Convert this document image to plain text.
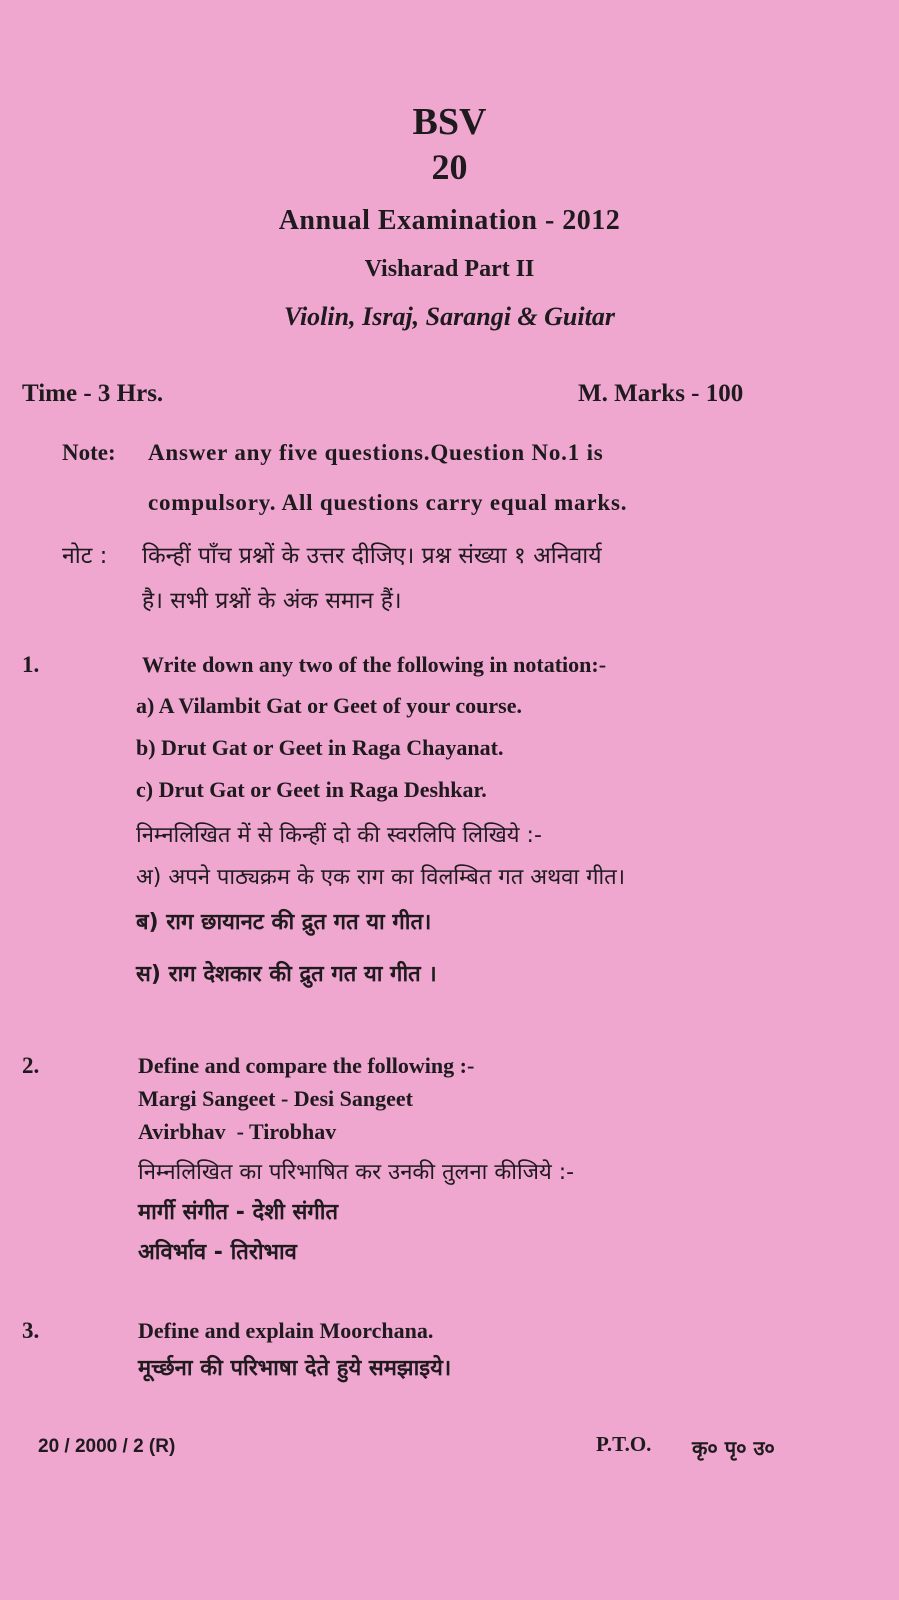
BSV
20
Annual Examination - 2012
Visharad Part II
Violin, Isra​j, Sarangi & Guitar
Time - 3 Hrs.	M. Marks - 100
Note: Answer any five questions.Question No.1 is
compulsory. All questions carry equal marks.
नोट : किन्हीं पाँच प्रश्नों के उत्तर दीजिए। प्रश्न संख्या १ अनिवार्य
है। सभी प्रश्नों के अंक समान हैं।
1.	Write down any two of the following in notation:-
a) A Vilambit Gat or Geet of your course.
b) Drut Gat or Geet in Raga Chayanat.
c) Drut Gat or Geet in Raga Deshkar.
निम्नलिखित में से किन्हीं दो की स्वरलिपि लिखिये :-
अ) अपने पाठ्यक्रम के एक राग का विलम्बित गत अथवा गीत।
ब) राग छायानट की द्रुत गत या गीत।
स) राग देशकार की द्रुत गत या गीत ।
2.	Define and compare the following :-
Margi Sangeet - Desi Sangeet
Avirbhav  - Tirobhav
निम्नलिखित का परिभाषित कर उनकी तुलना कीजिये :-
मार्गी संगीत - देशी संगीत
अविर्भाव - तिरोभाव
3.	Define and explain Moorchana.
मूर्च्छना की परिभाषा देते हुये समझाइये।
20 / 2000 / 2 (R)	P.T.O. कृ० पृ० उ०
